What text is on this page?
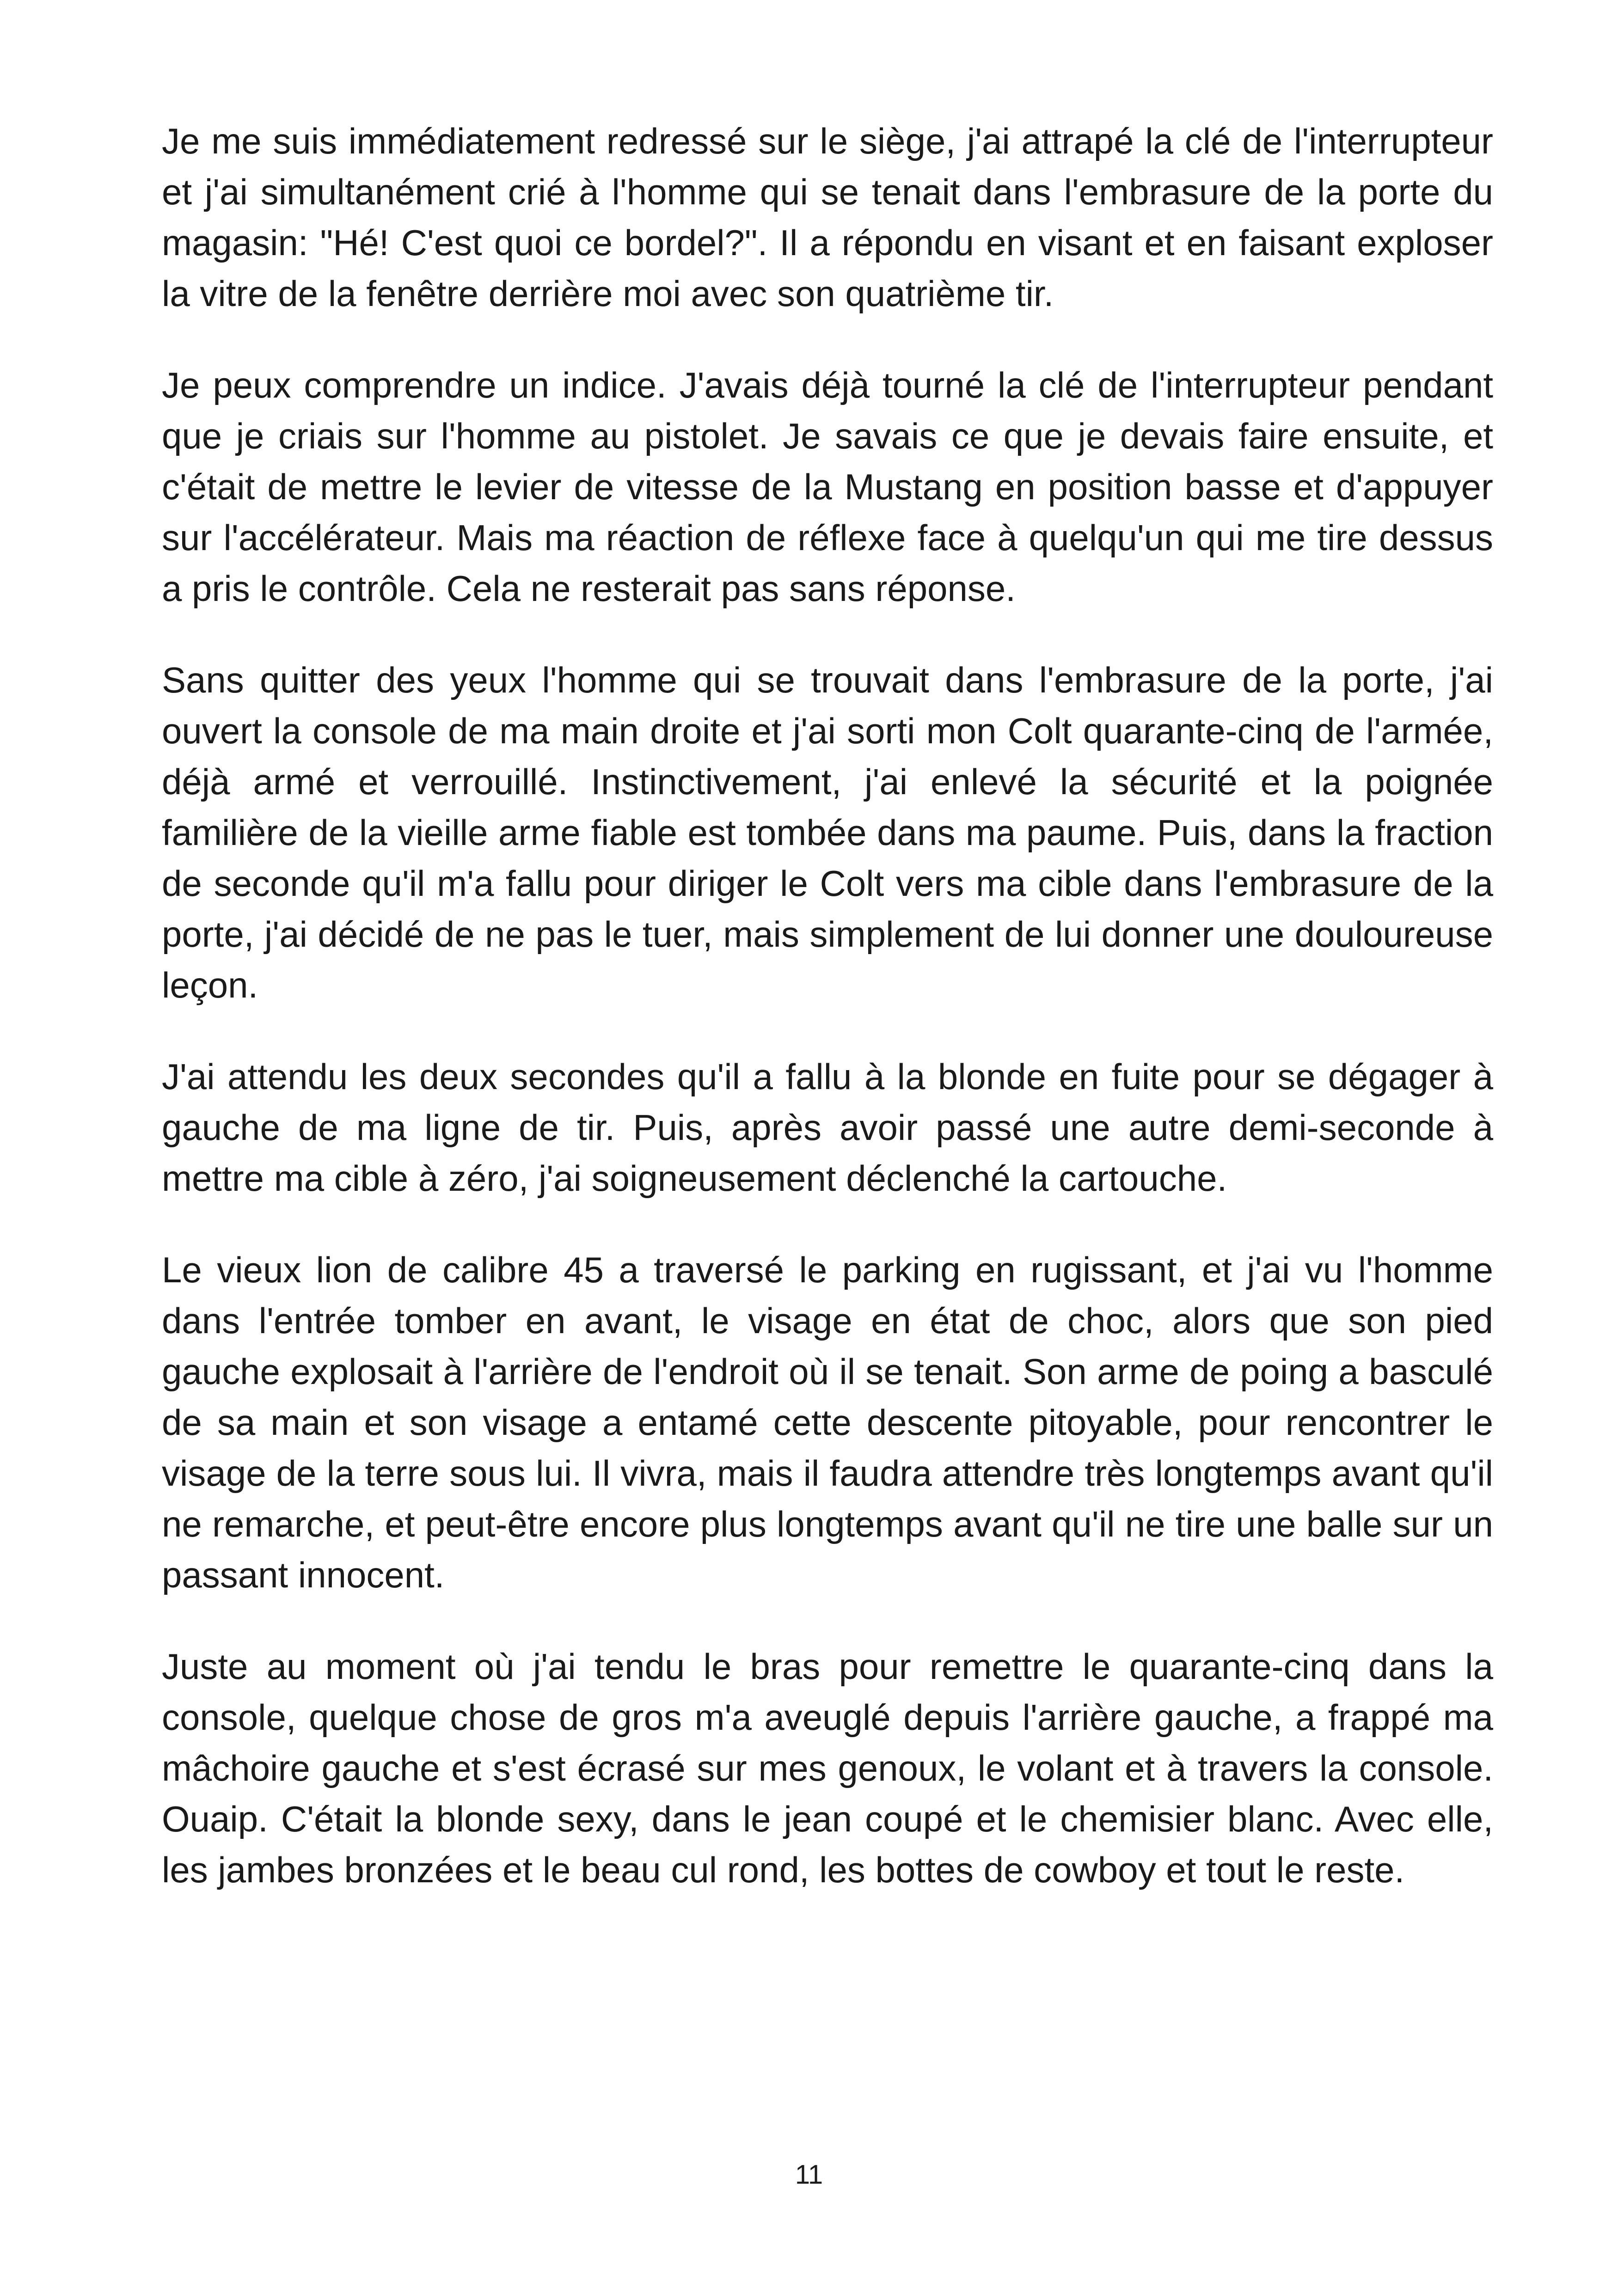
Je me suis immédiatement redressé sur le siège, j'ai attrapé la clé de l'interrupteur et j'ai simultanément crié à l'homme qui se tenait dans l'embrasure de la porte du magasin: "Hé! C'est quoi ce bordel?". Il a répondu en visant et en faisant exploser la vitre de la fenêtre derrière moi avec son quatrième tir.

Je peux comprendre un indice. J'avais déjà tourné la clé de l'interrupteur pendant que je criais sur l'homme au pistolet. Je savais ce que je devais faire ensuite, et c'était de mettre le levier de vitesse de la Mustang en position basse et d'appuyer sur l'accélérateur. Mais ma réaction de réflexe face à quelqu'un qui me tire dessus a pris le contrôle. Cela ne resterait pas sans réponse.

Sans quitter des yeux l'homme qui se trouvait dans l'embrasure de la porte, j'ai ouvert la console de ma main droite et j'ai sorti mon Colt quarante-cinq de l'armée, déjà armé et verrouillé. Instinctivement, j'ai enlevé la sécurité et la poignée familière de la vieille arme fiable est tombée dans ma paume. Puis, dans la fraction de seconde qu'il m'a fallu pour diriger le Colt vers ma cible dans l'embrasure de la porte, j'ai décidé de ne pas le tuer, mais simplement de lui donner une douloureuse leçon.

J'ai attendu les deux secondes qu'il a fallu à la blonde en fuite pour se dégager à gauche de ma ligne de tir. Puis, après avoir passé une autre demi-seconde à mettre ma cible à zéro, j'ai soigneusement déclenché la cartouche.

Le vieux lion de calibre 45 a traversé le parking en rugissant, et j'ai vu l'homme dans l'entrée tomber en avant, le visage en état de choc, alors que son pied gauche explosait à l'arrière de l'endroit où il se tenait. Son arme de poing a basculé de sa main et son visage a entamé cette descente pitoyable, pour rencontrer le visage de la terre sous lui. Il vivra, mais il faudra attendre très longtemps avant qu'il ne remarche, et peut-être encore plus longtemps avant qu'il ne tire une balle sur un passant innocent.

Juste au moment où j'ai tendu le bras pour remettre le quarante-cinq dans la console, quelque chose de gros m'a aveuglé depuis l'arrière gauche, a frappé ma mâchoire gauche et s'est écrasé sur mes genoux, le volant et à travers la console. Ouaip. C'était la blonde sexy, dans le jean coupé et le chemisier blanc. Avec elle, les jambes bronzées et le beau cul rond, les bottes de cowboy et tout le reste.

11
